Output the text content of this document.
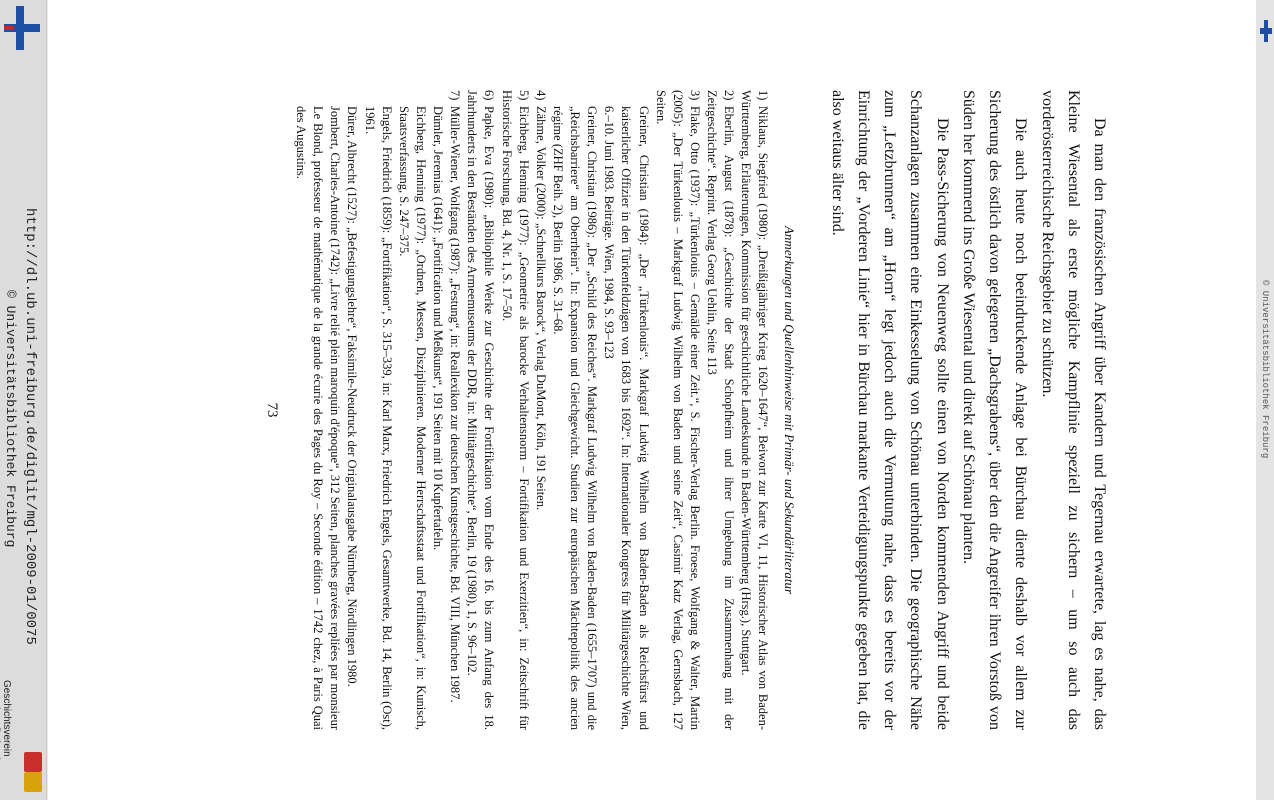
http://dl.ub.uni-freiburg.de/diglit/mgl-2009-01/0075
© Universitätsbibliothek Freiburg
Geschichtsverein	Da man den französischen Angriff über Kandern und Tegernau erwartete, lag es nahe, das Kleine Wiesental als erste mögliche Kampflinie speziell zu sichern – um so auch das vorderösterreichische Reichsgebiet zu schützen.

Die auch heute noch beeindruckende Anlage bei Bürchau diente deshalb vor allem zur Sicherung des östlich davon gelegenen „Dachsgrabens“, über den die Angreifer ihren Vorstoß von Süden her kommend ins Große Wiesental und direkt auf Schönau planten.

Die Pass-Sicherung von Neuenweg sollte einen von Norden kommenden Angriff und beide Schanzanlagen zusammen eine Einkesselung von Schönau unterbinden. Die geographische Nähe zum „Letzbrunnen“ am „Horn“ legt jedoch auch die Vermutung nahe, dass es bereits vor der Einrichtung der „Vorderen Linie“ hier in Bürchau markante Verteidigungspunkte gegeben hat, die also weitaus älter sind.

Anmerkungen und Quellenhinweise mit Primär- und Sekundärliteratur

1)Niklaus, Siegfried (1980): „Dreißigjähriger Krieg 1620–1647“, Beiwort zur Karte VI, 11, Historischer Atlas von Baden-Württemberg, Erläuterungen, Kommission für geschichtliche Landeskunde in Baden-Württemberg (Hrsg.), Stuttgart.

2)Eberlin, August (1878): „Geschichte der Stadt Schopfheim und ihrer Umgebung im Zusammenhang mit der Zeitgeschichte“. Reprint. Verlag Georg Uehlin, Seite 113

3)Flake, Otto (1937): „Türkenlouis – Gemälde einer Zeit.“, S. Fischer-Verlag Berlin. Froese, Wolfgang & Walter, Martin (2005): „Der Türkenlouis – Markgraf Ludwig Wilhelm von Baden und seine Zeit“, Casimir Katz Verlag, Gernsbach, 127 Seiten.

Greiner, Christian (1984): „Der „Türkenlouis“. Markgraf Ludwig Wilhelm von Baden-Baden als Reichsfürst und kaiserlicher Offizier in den Türkenfeldzügen von 1683 bis 1692“. In: Internationaler Kongress für Militärgeschichte Wien, 6.–10. Juni 1983. Beiträge. Wien, 1984, S. 93–123

Greiner, Christian (1986): „Der „Schild des Reiches“. Markgraf Ludwig Wilhelm von Baden-Baden (1655–1707) und die „Reichsbarriere“ am Oberrhein“. In: Expansion und Gleichgewicht. Studien zur europäischen Mächtepolitik des ancien régime (ZHF Beih. 2), Berlin 1986, S. 31–68.

4)Zähme, Volker (2000): „Schnellkurs Barock“, Verlag DuMont, Köln, 191 Seiten.

5)Eichberg, Henning (1977): „Geometrie als barocke Verhaltensnorm – Fortifikation und Exerzitien“, in: Zeitschrift für Historische Forschung, Bd. 4, Nr. 1, S. 17–50.

6)Papke, Eva (1980): „Bibliophile Werke zur Geschichte der Fortifikation vom Ende des 16. bis zum Anfang des 18. Jahrhunderts in den Beständen des Armeemuseums der DDR, in: Militärgeschichte“, Berlin, 19 (1980), 1, S. 96–102.

7)Müller-Wiener, Wolfgang (1987): „Festung“, in: Reallexikon zur deutschen Kunstgeschichte, Bd. VIII, München 1987.

Dümler, Jeremias (1641): „Fortification und Meßkunst“, 191 Seiten mit 10 Kupfertafeln.

Eichberg, Henning (1977): „Ordnen, Messen, Disziplinieren. Moderner Herrschaftsstaat und Fortifikation“, in: Kunisch, Staatsverfassung, S. 247–375.

Engels, Friedrich (1859): „Fortifikation“, S. 315–339, in: Karl Marx, Friedrich Engels, Gesamtwerke, Bd. 14, Berlin (Ost), 1961.

Dürer, Albrecht (1527): „Befestigungslehre“, Faksimile-Neudruck der Originalausgabe Nürnberg, Nördlingen 1980.

Jombert, Charles-Antoine (1742): „Livre relié plein maroquin d'époque“, 312 Seiten, planches gravées repliées par monsieur Le Blond, professeur de mathématique de la grande écurie des Pages du Roy – Seconde édition – 1742 chez, à Paris Quai des Augustins.

73	© Universitätsbibliothek Freiburg
